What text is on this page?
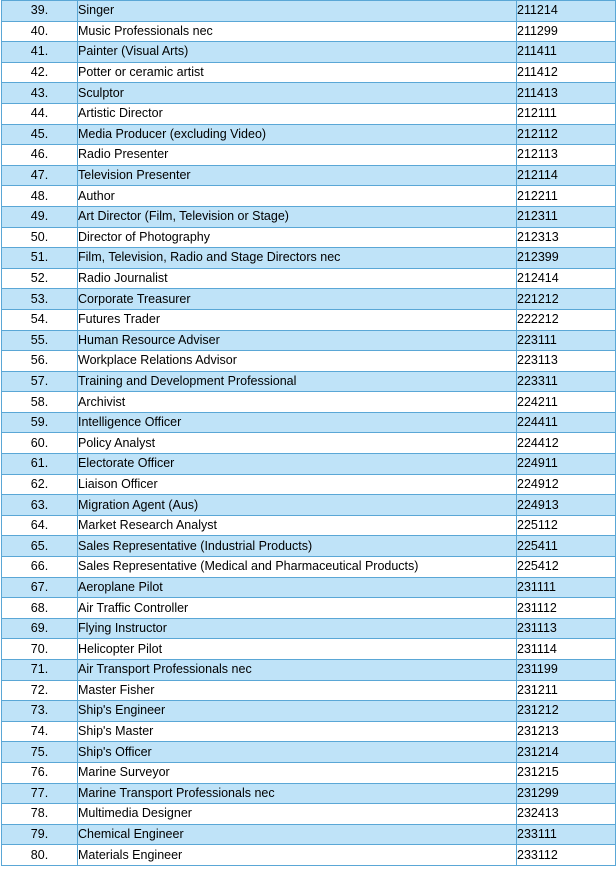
39.	Singer	211214
40.	Music Professionals nec	211299
41.	Painter (Visual Arts)	211411
42.	Potter or ceramic artist	211412
43.	Sculptor	211413
44.	Artistic Director	212111
45.	Media Producer (excluding Video)	212112
46.	Radio Presenter	212113
47.	Television Presenter	212114
48.	Author	212211
49.	Art Director (Film, Television or Stage)	212311
50.	Director of Photography	212313
51.	Film, Television, Radio and Stage Directors nec	212399
52.	Radio Journalist	212414
53.	Corporate Treasurer	221212
54.	Futures Trader	222212
55.	Human Resource Adviser	223111
56.	Workplace Relations Advisor	223113
57.	Training and Development Professional	223311
58.	Archivist	224211
59.	Intelligence Officer	224411
60.	Policy Analyst	224412
61.	Electorate Officer	224911
62.	Liaison Officer	224912
63.	Migration Agent (Aus)	224913
64.	Market Research Analyst	225112
65.	Sales Representative (Industrial Products)	225411
66.	Sales Representative (Medical and Pharmaceutical Products)	225412
67.	Aeroplane Pilot	231111
68.	Air Traffic Controller	231112
69.	Flying Instructor	231113
70.	Helicopter Pilot	231114
71.	Air Transport Professionals nec	231199
72.	Master Fisher	231211
73.	Ship's Engineer	231212
74.	Ship's Master	231213
75.	Ship's Officer	231214
76.	Marine Surveyor	231215
77.	Marine Transport Professionals nec	231299
78.	Multimedia Designer	232413
79.	Chemical Engineer	233111
80.	Materials Engineer	233112
